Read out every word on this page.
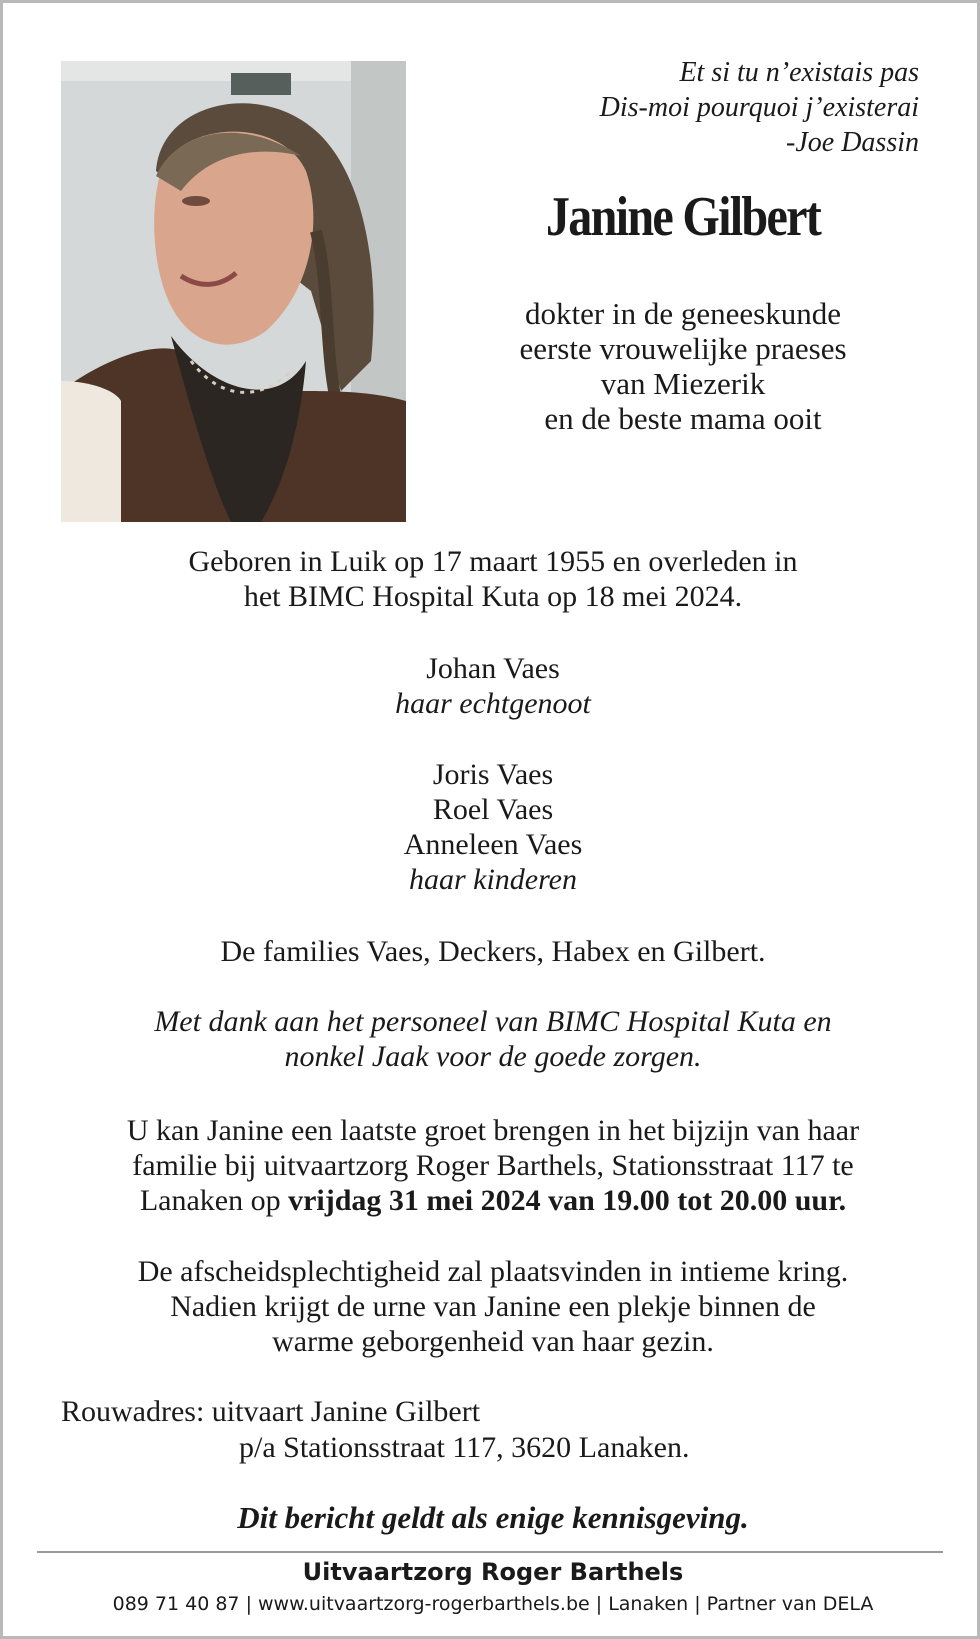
Et si tu n’existais pas
Dis-moi pourquoi j’existerai
-Joe Dassin
Janine Gilbert
dokter in de geneeskunde
eerste vrouwelijke praeses
van Miezerik
en de beste mama ooit
Geboren in Luik op 17 maart 1955 en overleden in
het BIMC Hospital Kuta op 18 mei 2024.
Johan Vaes
haar echtgenoot
Joris Vaes
Roel Vaes
Anneleen Vaes
haar kinderen
De families Vaes, Deckers, Habex en Gilbert.
Met dank aan het personeel van BIMC Hospital Kuta en
nonkel Jaak voor de goede zorgen.
U kan Janine een laatste groet brengen in het bijzijn van haar
familie bij uitvaartzorg Roger Barthels, Stationsstraat 117 te
Lanaken op vrijdag 31 mei 2024 van 19.00 tot 20.00 uur.
De afscheidsplechtigheid zal plaatsvinden in intieme kring.
Nadien krijgt de urne van Janine een plekje binnen de
warme geborgenheid van haar gezin.
Rouwadres: uitvaart Janine Gilbert
p/a Stationsstraat 117, 3620 Lanaken.
Dit bericht geldt als enige kennisgeving.
Uitvaartzorg Roger Barthels
089 71 40 87 | www.uitvaartzorg-rogerbarthels.be | Lanaken | Partner van DELA
